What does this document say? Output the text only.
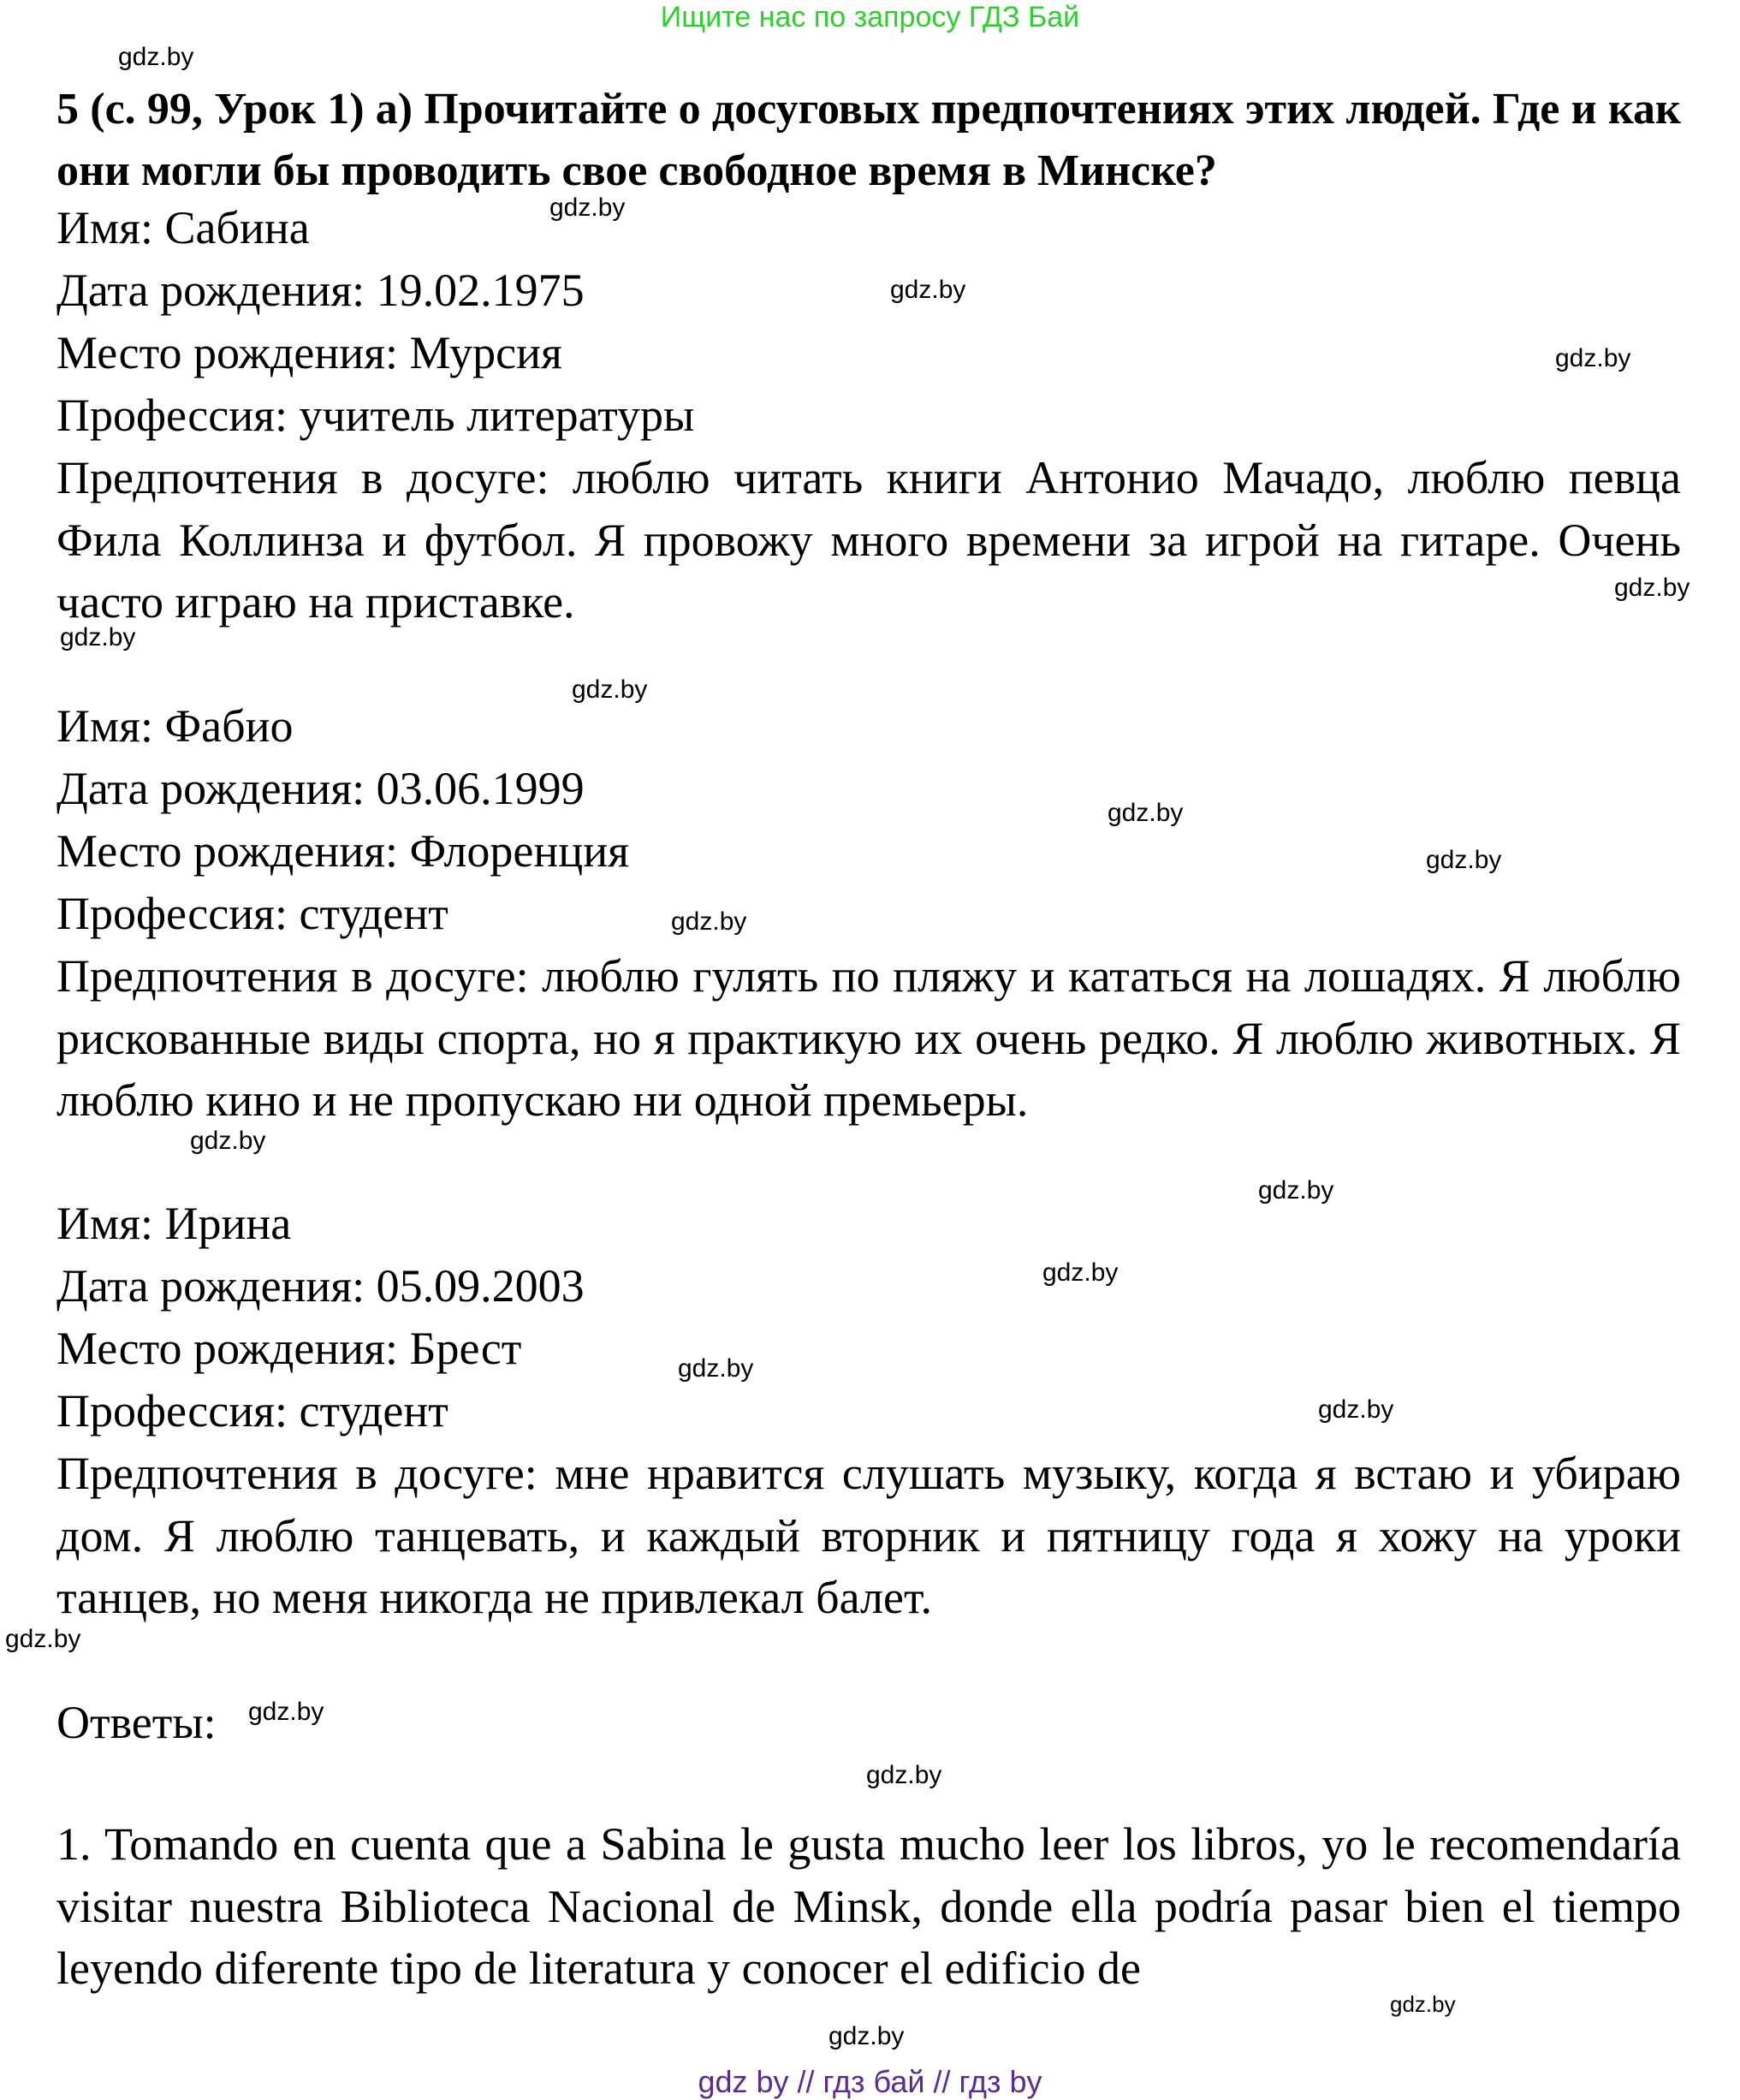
Ищите нас по запросу ГДЗ Бай
gdz.by
gdz.by
gdz.by
gdz.by
gdz.by
gdz.by
gdz.by
gdz.by
gdz.by
gdz.by
gdz.by
gdz.by
gdz.by
gdz.by
gdz.by
gdz.by
gdz.by
gdz.by
gdz.by
gdz.by
5 (с. 99, Урок 1) а) Прочитайте о досуговых предпочтениях этих людей. Где и как они могли бы проводить свое свободное время в Минске?
Имя: Сабина
Дата рождения: 19.02.1975
Место рождения: Мурсия
Профессия: учитель литературы
Предпочтения в досуге: люблю читать книги Антонио Мачадо, люблю певца Фила Коллинза и футбол. Я провожу много времени за игрой на гитаре. Очень часто играю на приставке.
Имя: Фабио
Дата рождения: 03.06.1999
Место рождения: Флоренция
Профессия: студент
Предпочтения в досуге: люблю гулять по пляжу и кататься на лошадях. Я люблю рискованные виды спорта, но я практикую их очень редко. Я люблю животных. Я люблю кино и не пропускаю ни одной премьеры.
Имя: Ирина
Дата рождения: 05.09.2003
Место рождения: Брест
Профессия: студент
Предпочтения в досуге: мне нравится слушать музыку, когда я встаю и убираю дом. Я люблю танцевать, и каждый вторник и пятницу года я хожу на уроки танцев, но меня никогда не привлекал балет.
Ответы:
1. Tomando en cuenta que a Sabina le gusta mucho leer los libros, yo le recomendaría visitar nuestra Biblioteca Nacional de Minsk, donde ella podría pasar bien el tiempo leyendo diferente tipo de literatura y conocer el edificio de
gdz by // гдз бай // гдз by
